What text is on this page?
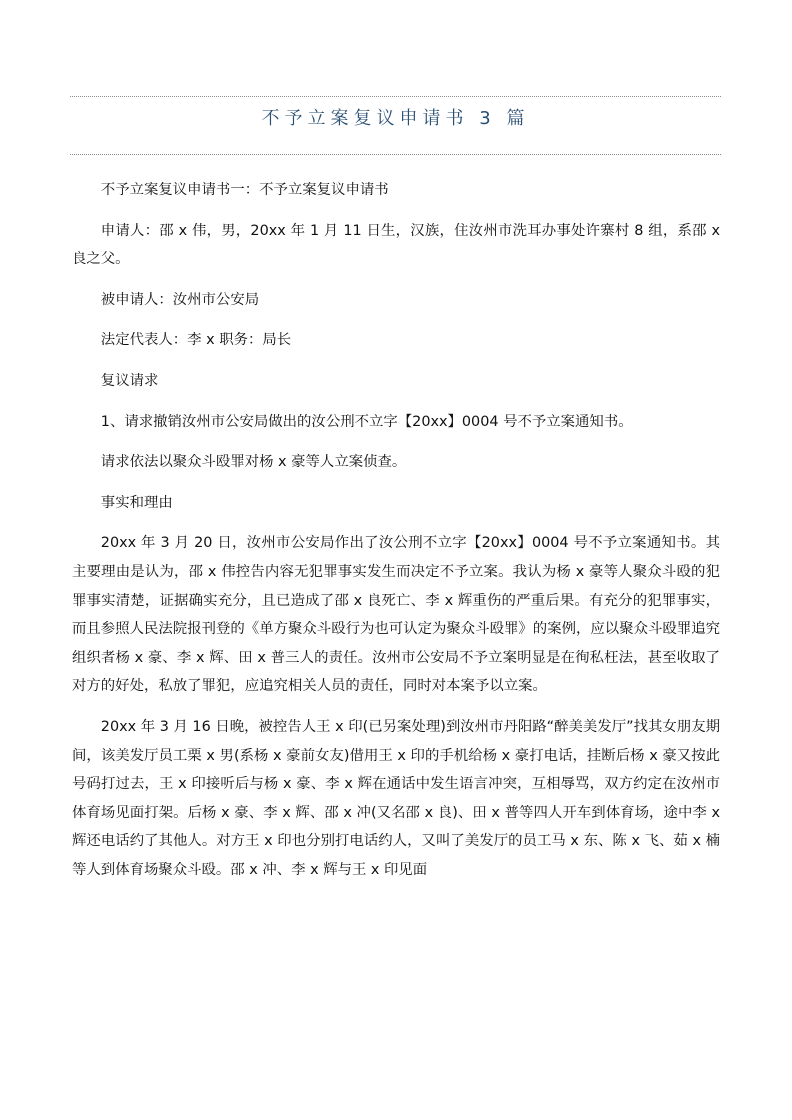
不予立案复议申请书 3 篇

不予立案复议申请书一：不予立案复议申请书

申请人：邵 x 伟，男，20xx 年 1 月 11 日生，汉族，住汝州市洗耳办事处许寨村 8 组，系邵 x 良之父。

被申请人：汝州市公安局

法定代表人：李 x 职务：局长

复议请求

1、请求撤销汝州市公安局做出的汝公刑不立字【20xx】0004 号不予立案通知书。

请求依法以聚众斗殴罪对杨 x 豪等人立案侦查。

事实和理由

20xx 年 3 月 20 日，汝州市公安局作出了汝公刑不立字【20xx】0004 号不予立案通知书。其主要理由是认为，邵 x 伟控告内容无犯罪事实发生而决定不予立案。我认为杨 x 豪等人聚众斗殴的犯罪事实清楚，证据确实充分，且已造成了邵 x 良死亡、李 x 辉重伤的严重后果。有充分的犯罪事实，而且参照人民法院报刊登的《单方聚众斗殴行为也可认定为聚众斗殴罪》的案例，应以聚众斗殴罪追究组织者杨 x 豪、李 x 辉、田 x 普三人的责任。汝州市公安局不予立案明显是在徇私枉法，甚至收取了对方的好处，私放了罪犯，应追究相关人员的责任，同时对本案予以立案。

20xx 年 3 月 16 日晚，被控告人王 x 印(已另案处理)到汝州市丹阳路“醉美美发厅”找其女朋友期间，该美发厅员工栗 x 男(系杨 x 豪前女友)借用王 x 印的手机给杨 x 豪打电话，挂断后杨 x 豪又按此号码打过去，王 x 印接听后与杨 x 豪、李 x 辉在通话中发生语言冲突，互相辱骂，双方约定在汝州市体育场见面打架。后杨 x 豪、李 x 辉、邵 x 冲(又名邵 x 良)、田 x 普等四人开车到体育场，途中李 x 辉还电话约了其他人。对方王 x 印也分别打电话约人，又叫了美发厅的员工马 x 东、陈 x 飞、茹 x 楠等人到体育场聚众斗殴。邵 x 冲、李 x 辉与王 x 印见面
